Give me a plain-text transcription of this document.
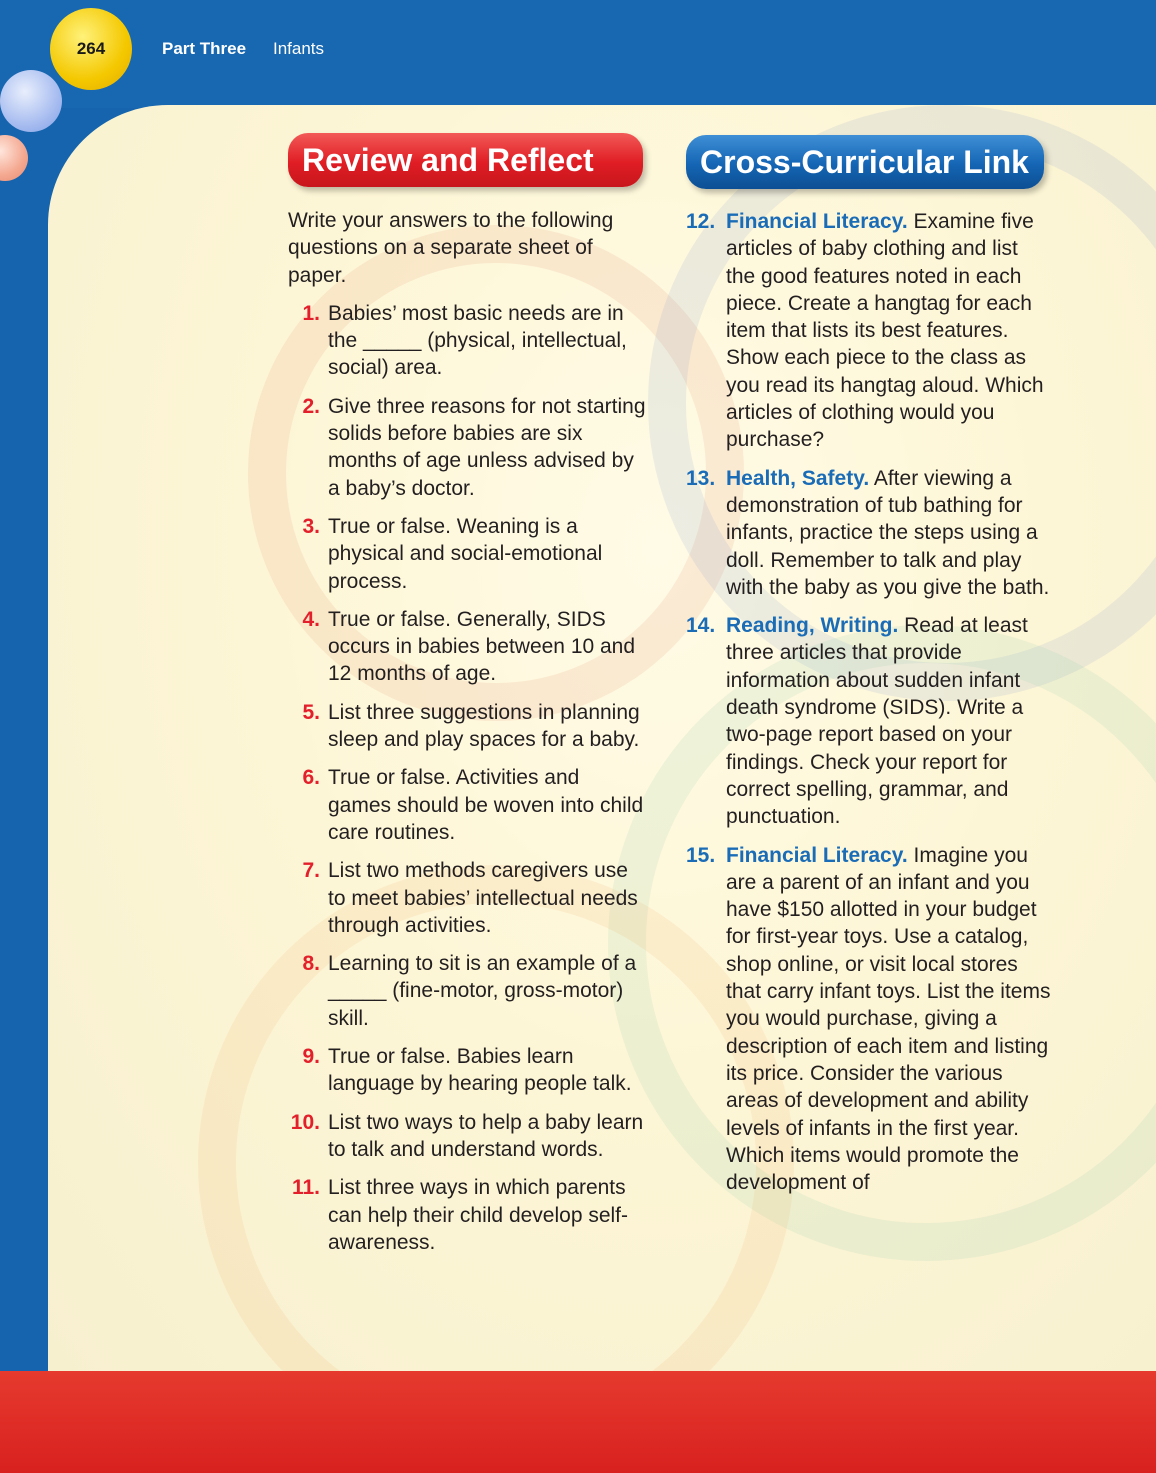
264	Part Three Infants
Review and Reflect	Cross-Curricular Link

Write your answers to the following questions on a separate sheet of paper.

1. Babies’ most basic needs are in the _____ (physical, intellectual, social) area.
2. Give three reasons for not starting solids before babies are six months of age unless advised by a baby’s doctor.
3. True or false. Weaning is a physical and social-emotional process.
4. True or false. Generally, SIDS occurs in babies between 10 and 12 months of age.
5. List three suggestions in planning sleep and play spaces for a baby.
6. True or false. Activities and games should be woven into child care routines.
7. List two methods caregivers use to meet babies’ intellectual needs through activities.
8. Learning to sit is an example of a _____ (fine-motor, gross-motor) skill.
9. True or false. Babies learn language by hearing people talk.
10. List two ways to help a baby learn to talk and understand words.
11. List three ways in which parents can help their child develop self-awareness.
12. Financial Literacy. Examine five articles of baby clothing and list the good features noted in each piece. Create a hangtag for each item that lists its best features. Show each piece to the class as you read its hangtag aloud. Which articles of clothing would you purchase?
13. Health, Safety. After viewing a demonstration of tub bathing for infants, practice the steps using a doll. Remember to talk and play with the baby as you give the bath.
14. Reading, Writing. Read at least three articles that provide information about sudden infant death syndrome (SIDS). Write a two-page report based on your findings. Check your report for correct spelling, grammar, and punctuation.
15. Financial Literacy. Imagine you are a parent of an infant and you have $150 allotted in your budget for first-year toys. Use a catalog, shop online, or visit local stores that carry infant toys. List the items you would purchase, giving a description of each item and listing its price. Consider the various areas of development and ability levels of infants in the first year. Which items would promote the development of
